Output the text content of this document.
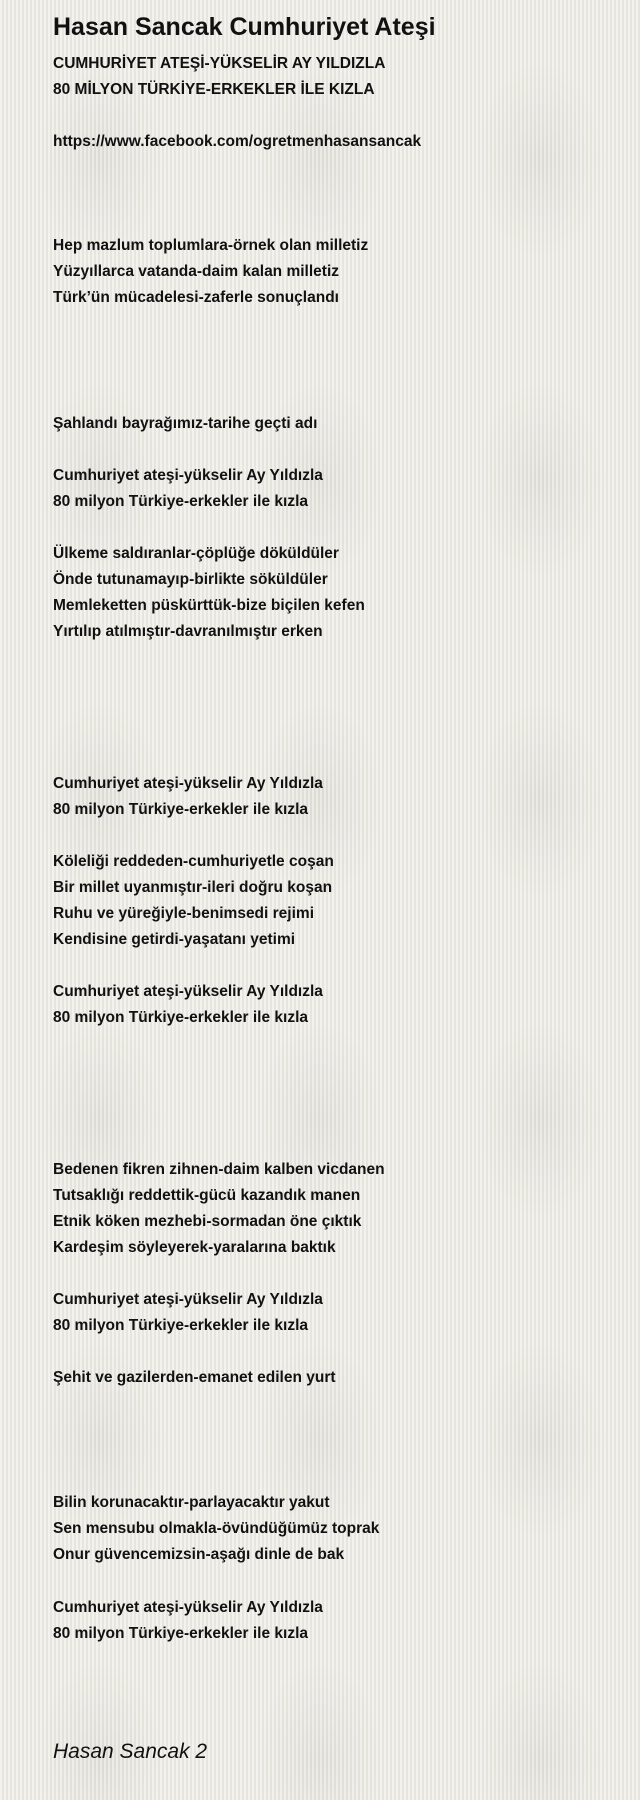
Hasan Sancak Cumhuriyet Ateşi
CUMHURİYET ATEŞİ-YÜKSELİR AY YILDIZLA
80 MİLYON TÜRKİYE-ERKEKLER İLE KIZLA
https://www.facebook.com/ogretmenhasansancak
Hep mazlum toplumlara-örnek olan milletiz
Yüzyıllarca vatanda-daim kalan milletiz
Türk’ün mücadelesi-zaferle sonuçlandı
Şahlandı bayrağımız-tarihe geçti adı
Cumhuriyet ateşi-yükselir Ay Yıldızla
80 milyon Türkiye-erkekler ile kızla
Ülkeme saldıranlar-çöplüğe döküldüler
Önde tutunamayıp-birlikte söküldüler
Memleketten püskürttük-bize biçilen kefen
Yırtılıp atılmıştır-davranılmıştır erken
Cumhuriyet ateşi-yükselir Ay Yıldızla
80 milyon Türkiye-erkekler ile kızla
Köleliği reddeden-cumhuriyetle coşan
Bir millet uyanmıştır-ileri doğru koşan
Ruhu ve yüreğiyle-benimsedi rejimi
Kendisine getirdi-yaşatanı yetimi
Cumhuriyet ateşi-yükselir Ay Yıldızla
80 milyon Türkiye-erkekler ile kızla
Bedenen fikren zihnen-daim kalben vicdanen
Tutsaklığı reddettik-gücü kazandık manen
Etnik köken mezhebi-sormadan öne çıktık
Kardeşim söyleyerek-yaralarına baktık
Cumhuriyet ateşi-yükselir Ay Yıldızla
80 milyon Türkiye-erkekler ile kızla
Şehit ve gazilerden-emanet edilen yurt
Bilin korunacaktır-parlayacaktır yakut
Sen mensubu olmakla-övündüğümüz toprak
Onur güvencemizsin-aşağı dinle de bak
Cumhuriyet ateşi-yükselir Ay Yıldızla
80 milyon Türkiye-erkekler ile kızla
Hasan Sancak 2
